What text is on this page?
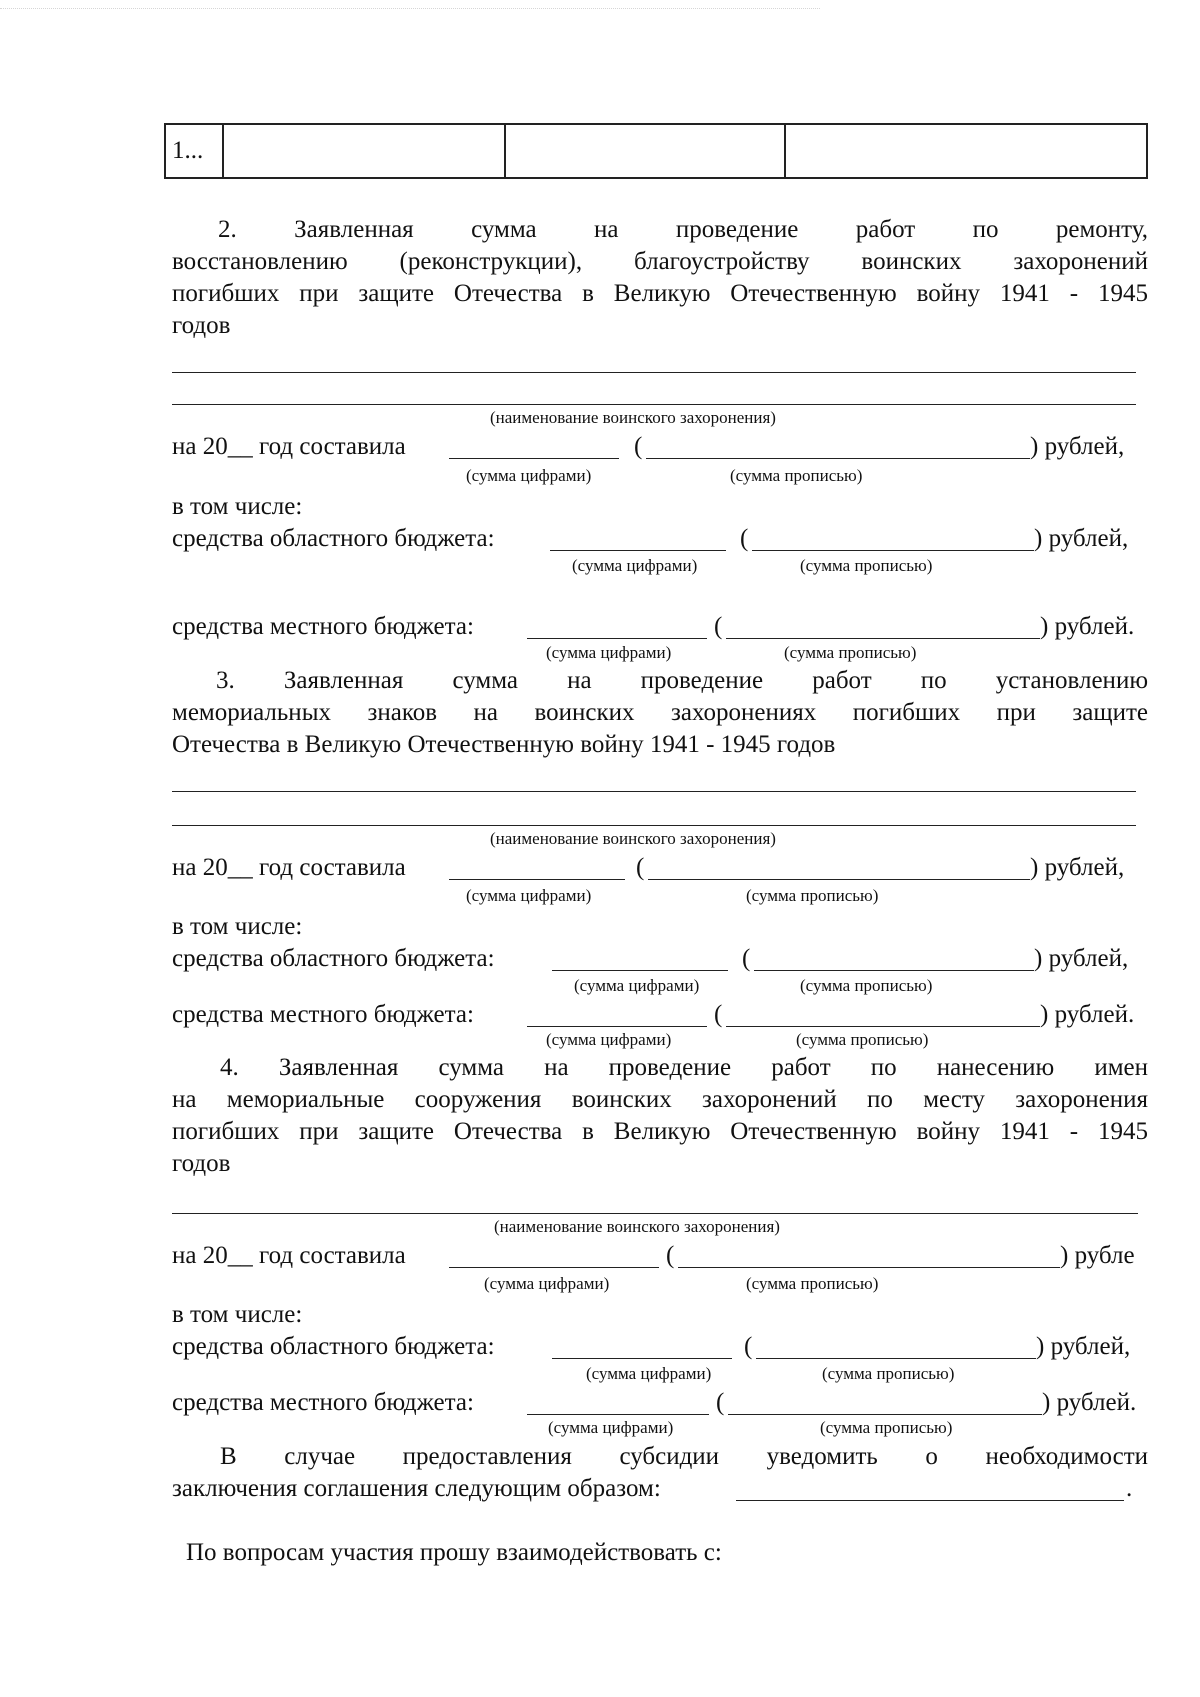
1...			
2. Заявленная сумма на проведение работ по ремонту,
восстановлению (реконструкции), благоустройству воинских захоронений
погибших при защите Отечества в Великую Отечественную войну 1941 - 1945
годов
(наименование воинского захоронения)
на 20__ год составила	(	) рублей,
(сумма цифрами)	(сумма прописью)
в том числе:
средства областного бюджета:	(	) рублей,
(сумма цифрами)	(сумма прописью)
средства местного бюджета:	(	) рублей.
(сумма цифрами)	(сумма прописью)
3. Заявленная сумма на проведение работ по установлению
мемориальных знаков на воинских захоронениях погибших при защите
Отечества в Великую Отечественную войну 1941 - 1945 годов
(наименование воинского захоронения)
на 20__ год составила	(	) рублей,
(сумма цифрами)	(сумма прописью)
в том числе:
средства областного бюджета:	(	) рублей,
(сумма цифрами)	(сумма прописью)
средства местного бюджета:	(	) рублей.
(сумма цифрами)	(сумма прописью)
4. Заявленная сумма на проведение работ по нанесению имен
на мемориальные сооружения воинских захоронений по месту захоронения
погибших при защите Отечества в Великую Отечественную войну 1941 - 1945
годов
(наименование воинского захоронения)
на 20__ год составила	(	) рубле
(сумма цифрами)	(сумма прописью)
в том числе:
средства областного бюджета:	(	) рублей,
(сумма цифрами)	(сумма прописью)
средства местного бюджета:	(	) рублей.
(сумма цифрами)	(сумма прописью)
В случае предоставления субсидии уведомить о необходимости
заключения соглашения следующим образом:	.
По вопросам участия прошу взаимодействовать с:
